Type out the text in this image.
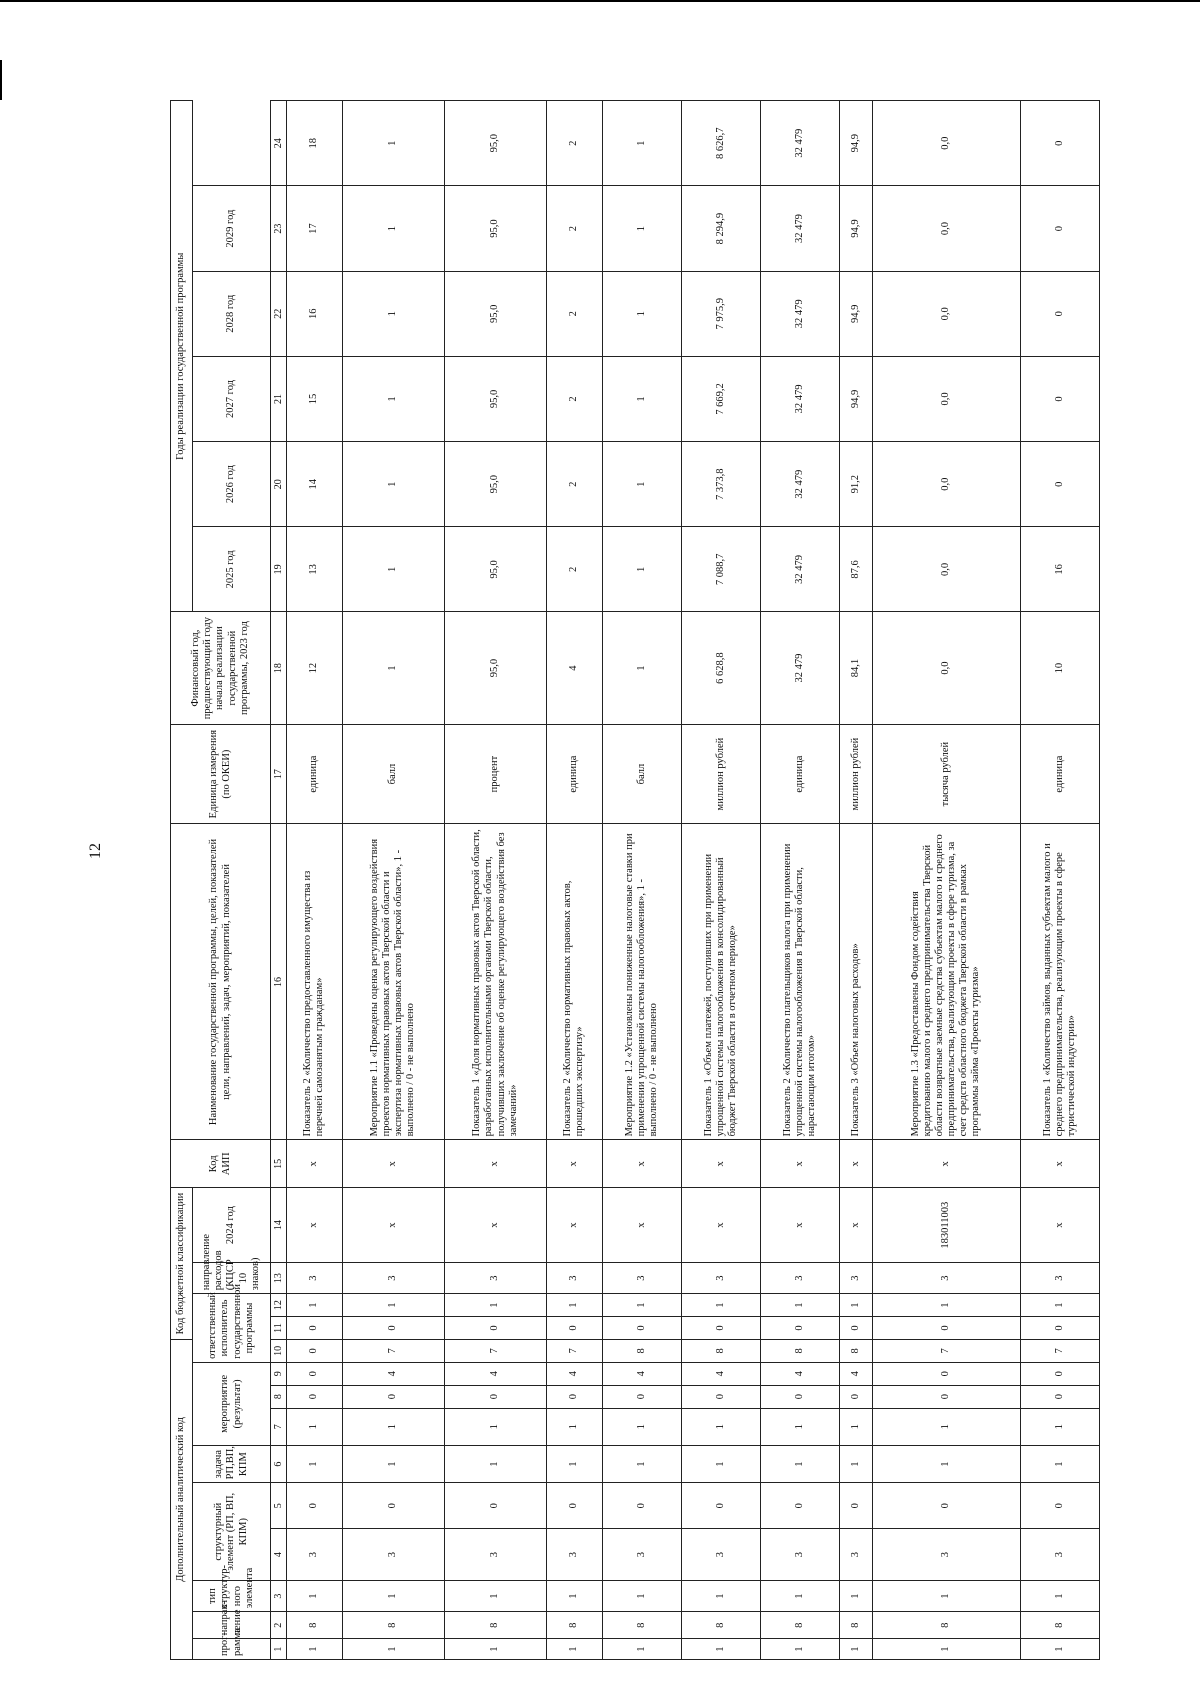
12
Дополнительный аналитический код										Код бюджетной классификации				Код АИП	Наименование государственной программы, целей, показателей цели, направлений, задач, мероприятий, показателей	Единица измерения (по ОКЕИ)	Финансовый год, предшествующий году начала реализации государственной программы, 2023 год	Годы реализации государственной программы					
прог-рамма	направ-ление	тип структур-ного элемента	структурный элемент (РП, ВП, КПМ)		задача РП,ВП, КПМ	мероприятие (результат)			ответственный исполнитель государственной программы			направление расходов (КЦСР 10 знаков)	2024 год					2025 год	2026 год	2027 год	2028 год	2029 год	
1	2	3	4	5	6	7	8	9	10	11	12	13	14	15	16	17	18	19	20	21	22	23	24
1	8	1	3	0	1	1	0	0	0	0	1	3	x	x	Показатель 2 «Количество предоставленного имущества из перечней самозанятым гражданам»	единица	12	13	14	15	16	17	18
1	8	1	3	0	1	1	0	4	7	0	1	3	x	x	Мероприятие 1.1 «Проведены оценка регулирующего воздействия проектов нормативных правовых актов Тверской области и экспертиза нормативных правовых актов Тверской области», 1 - выполнено / 0 - не выполнено	балл	1	1	1	1	1	1	1
1	8	1	3	0	1	1	0	4	7	0	1	3	x	x	Показатель 1 «Доля нормативных правовых актов Тверской области, разработанных исполнительными органами Тверской области, получивших заключение об оценке регулирующего воздействия без замечаний»	процент	95,0	95,0	95,0	95,0	95,0	95,0	95,0
1	8	1	3	0	1	1	0	4	7	0	1	3	x	x	Показатель 2 «Количество нормативных правовых актов, прошедших экспертизу»	единица	4	2	2	2	2	2	2
1	8	1	3	0	1	1	0	4	8	0	1	3	x	x	Мероприятие 1.2 «Установлены пониженные налоговые ставки при применении упрощенной системы налогообложения», 1 - выполнено / 0 - не выполнено	балл	1	1	1	1	1	1	1
1	8	1	3	0	1	1	0	4	8	0	1	3	x	x	Показатель 1 «Объем платежей, поступивших при применении упрощенной системы налогообложения в консолидированный бюджет Тверской области в отчетном периоде»	миллион рублей	6 628,8	7 088,7	7 373,8	7 669,2	7 975,9	8 294,9	8 626,7
1	8	1	3	0	1	1	0	4	8	0	1	3	x	x	Показатель 2 «Количество плательщиков налога при применении упрощенной системы налогообложения в Тверской области, нарастающим итогом»	единица	32 479	32 479	32 479	32 479	32 479	32 479	32 479
1	8	1	3	0	1	1	0	4	8	0	1	3	x	x	Показатель 3 «Объем налоговых расходов»	миллион рублей	84,1	87,6	91,2	94,9	94,9	94,9	94,9
1	8	1	3	0	1	1	0	0	7	0	1	3	183011003	x	Мероприятие 1.3 «Предоставлены Фондом содействия кредитованию малого и среднего предпринимательства Тверской области возвратные заемные средства субъектам малого и среднего предпринимательства, реализующим проекты в сфере туризма, за счет средств областного бюджета Тверской области в рамках программы займа «Проекты туризма»	тысяча рублей	0,0	0,0	0,0	0,0	0,0	0,0	0,0
1	8	1	3	0	1	1	0	0	7	0	1	3	x	x	Показатель 1 «Количество займов, выданных субъектам малого и среднего предпринимательства, реализующим проекты в сфере туристической индустрии»	единица	10	16	0	0	0	0	0
